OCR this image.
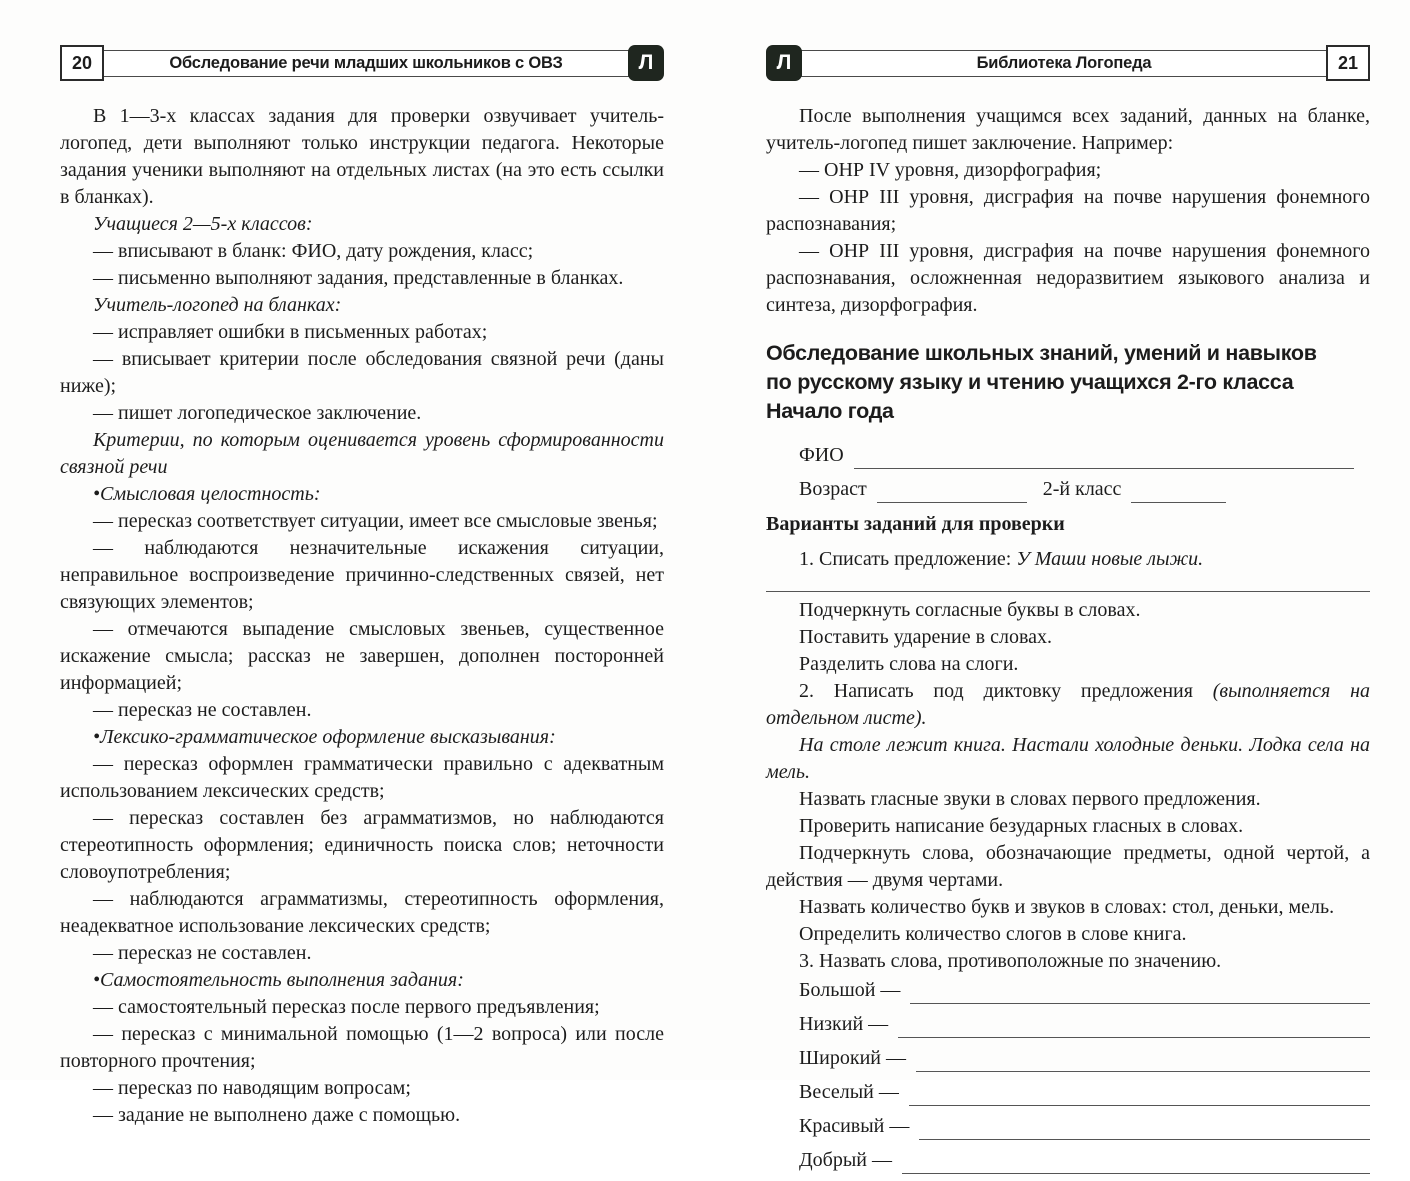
20	Обследование речи младших школьников с ОВЗ	Л

В 1—3-х классах задания для проверки озвучивает учитель-логопед, дети выполняют только инструкции педагога. Некоторые задания ученики выполняют на отдельных листах (на это есть ссылки в бланках).

Учащиеся 2—5-х классов:

— вписывают в бланк: ФИО, дату рождения, класс;

— письменно выполняют задания, представленные в бланках.

Учитель-логопед на бланках:

— исправляет ошибки в письменных работах;

— вписывает критерии после обследования связной речи (даны ниже);

— пишет логопедическое заключение.

Критерии, по которым оценивается уровень сформированности связной речи

•Смысловая целостность:

— пересказ соответствует ситуации, имеет все смысловые звенья;

— наблюдаются незначительные искажения ситуации, неправильное воспроизведение причинно-следственных связей, нет связующих элементов;

— отмечаются выпадение смысловых звеньев, существенное искажение смысла; рассказ не завершен, дополнен посторонней информацией;

— пересказ не составлен.

•Лексико-грамматическое оформление высказывания:

— пересказ оформлен грамматически правильно с адекватным использованием лексических средств;

— пересказ составлен без аграмматизмов, но наблюдаются стереотипность оформления; единичность поиска слов; неточности словоупотребления;

— наблюдаются аграмматизмы, стереотипность оформления, неадекватное использование лексических средств;

— пересказ не составлен.

•Самостоятельность выполнения задания:

— самостоятельный пересказ после первого предъявления;

— пересказ с минимальной помощью (1—2 вопроса) или после повторного прочтения;

— пересказ по наводящим вопросам;

— задание не выполнено даже с помощью.

Л	Библиотека Логопеда	21

После выполнения учащимся всех заданий, данных на бланке, учитель-логопед пишет заключение. Например:

— ОНР IV уровня, дизорфография;

— ОНР III уровня, дисграфия на почве нарушения фонемного распознавания;

— ОНР III уровня, дисграфия на почве нарушения фонемного распознавания, осложненная недоразвитием языкового анализа и синтеза, дизорфография.

Обследование школьных знаний, умений и навыков
по русскому языку и чтению учащихся 2-го класса
Начало года
ФИО
Возраст	2-й класс

Варианты заданий для проверки

1. Списать предложение: У Маши новые лыжи.

Подчеркнуть согласные буквы в словах.

Поставить ударение в словах.

Разделить слова на слоги.

2. Написать под диктовку предложения (выполняется на отдельном листе).

На столе лежит книга. Настали холодные деньки. Лодка села на мель.

Назвать гласные звуки в словах первого предложения.

Проверить написание безударных гласных в словах.

Подчеркнуть слова, обозначающие предметы, одной чертой, а действия — двумя чертами.

Назвать количество букв и звуков в словах: стол, деньки, мель.

Определить количество слогов в слове книга.

3. Назвать слова, противоположные по значению.

Большой —
Низкий —
Широкий —
Веселый —
Красивый —
Добрый —
